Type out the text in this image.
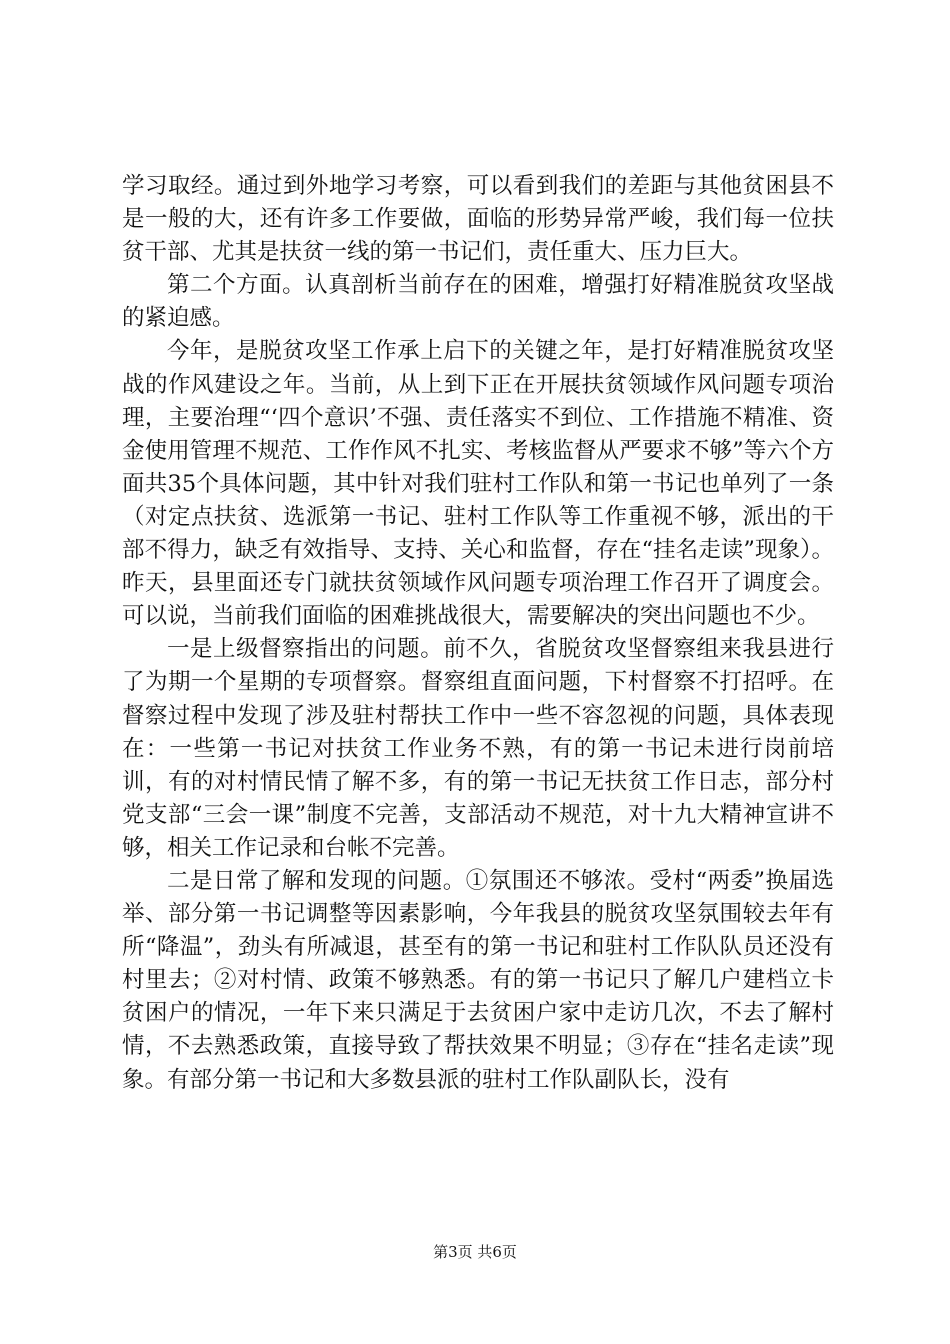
学习取经。通过到外地学习考察，可以看到我们的差距与其他贫困县不是一般的大，还有许多工作要做，面临的形势异常严峻，我们每一位扶贫干部、尤其是扶贫一线的第一书记们，责任重大、压力巨大。

第二个方面。认真剖析当前存在的困难，增强打好精准脱贫攻坚战的紧迫感。

今年，是脱贫攻坚工作承上启下的关键之年，是打好精准脱贫攻坚战的作风建设之年。当前，从上到下正在开展扶贫领域作风问题专项治理，主要治理“‘四个意识’不强、责任落实不到位、工作措施不精准、资金使用管理不规范、工作作风不扎实、考核监督从严要求不够”等六个方面共35个具体问题，其中针对我们驻村工作队和第一书记也单列了一条（对定点扶贫、选派第一书记、驻村工作队等工作重视不够，派出的干部不得力，缺乏有效指导、支持、关心和监督，存在“挂名走读”现象）。昨天，县里面还专门就扶贫领域作风问题专项治理工作召开了调度会。可以说，当前我们面临的困难挑战很大，需要解决的突出问题也不少。

一是上级督察指出的问题。前不久，省脱贫攻坚督察组来我县进行了为期一个星期的专项督察。督察组直面问题，下村督察不打招呼。在督察过程中发现了涉及驻村帮扶工作中一些不容忽视的问题，具体表现在：一些第一书记对扶贫工作业务不熟，有的第一书记未进行岗前培训，有的对村情民情了解不多，有的第一书记无扶贫工作日志，部分村党支部“三会一课”制度不完善，支部活动不规范，对十九大精神宣讲不够，相关工作记录和台帐不完善。

二是日常了解和发现的问题。①氛围还不够浓。受村“两委”换届选举、部分第一书记调整等因素影响，今年我县的脱贫攻坚氛围较去年有所“降温”，劲头有所减退，甚至有的第一书记和驻村工作队队员还没有村里去；②对村情、政策不够熟悉。有的第一书记只了解几户建档立卡贫困户的情况，一年下来只满足于去贫困户家中走访几次，不去了解村情，不去熟悉政策，直接导致了帮扶效果不明显；③存在“挂名走读”现象。有部分第一书记和大多数县派的驻村工作队副队长，没有

第3页 共6页
